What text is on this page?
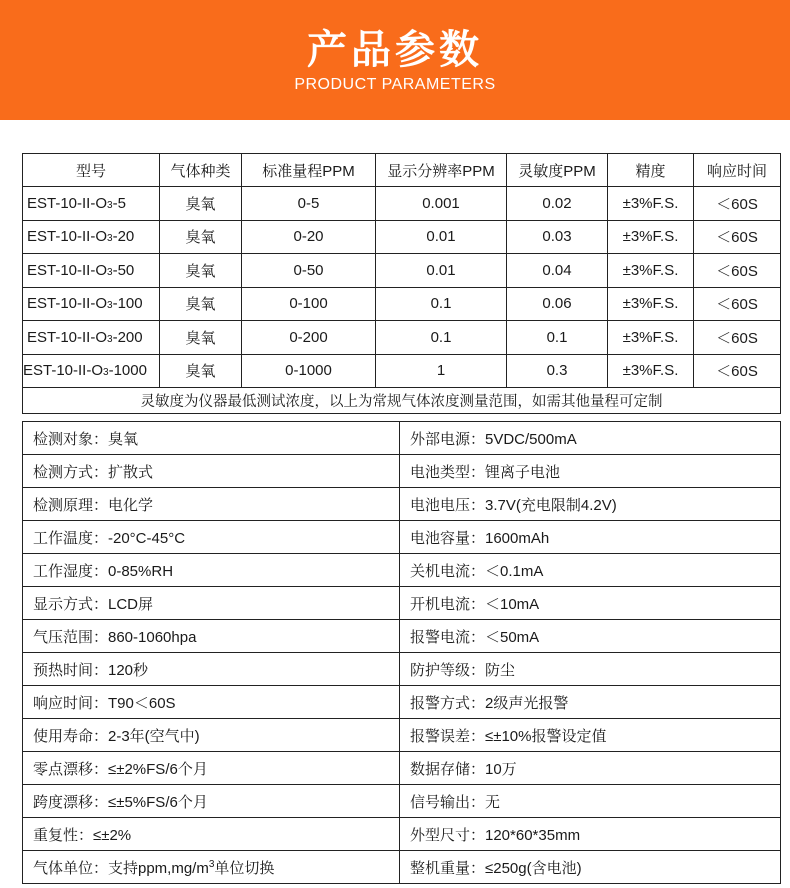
产品参数
PRODUCT PARAMETERS
型号	气体种类	标准量程PPM	显示分辨率PPM	灵敏度PPM	精度	响应时间
EST-10-II-O3-5	臭氧	0-5	0.001	0.02	±3%F.S.	＜60S
EST-10-II-O3-20	臭氧	0-20	0.01	0.03	±3%F.S.	＜60S
EST-10-II-O3-50	臭氧	0-50	0.01	0.04	±3%F.S.	＜60S
EST-10-II-O3-100	臭氧	0-100	0.1	0.06	±3%F.S.	＜60S
EST-10-II-O3-200	臭氧	0-200	0.1	0.1	±3%F.S.	＜60S
EST-10-II-O3-1000	臭氧	0-1000	1	0.3	±3%F.S.	＜60S
灵敏度为仪器最低测试浓度，以上为常规气体浓度测量范围，如需其他量程可定制						
检测对象：臭氧	外部电源：5VDC/500mA
检测方式：扩散式	电池类型：锂离子电池
检测原理：电化学	电池电压：3.7V(充电限制4.2V)
工作温度：-20°C-45°C	电池容量：1600mAh
工作湿度：0-85%RH	关机电流：＜0.1mA
显示方式：LCD屏	开机电流：＜10mA
气压范围：860-1060hpa	报警电流：＜50mA
预热时间：120秒	防护等级：防尘
响应时间：T90＜60S	报警方式：2级声光报警
使用寿命：2-3年(空气中)	报警误差：≤±10%报警设定值
零点漂移：≤±2%FS/6个月	数据存储：10万
跨度漂移：≤±5%FS/6个月	信号输出：无
重复性：≤±2%	外型尺寸：120*60*35mm
气体单位：支持$ppm,mg/m^3$单位切换	整机重量：≤250g(含电池)
